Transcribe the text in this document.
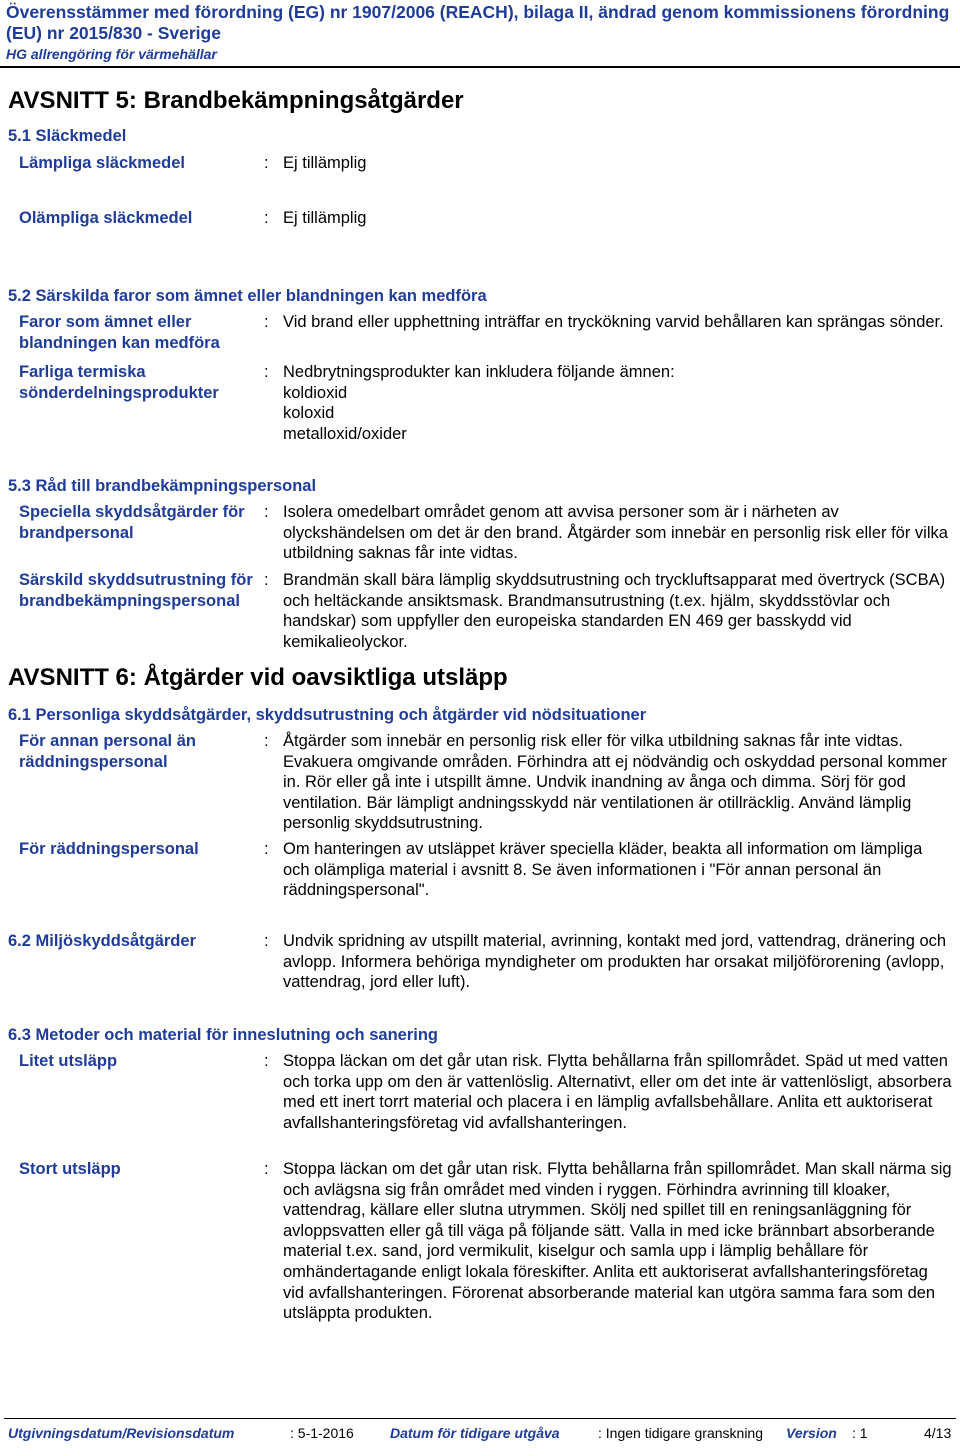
Överensstämmer med förordning (EG) nr 1907/2006 (REACH), bilaga II, ändrad genom kommissionens förordning
(EU) nr 2015/830 - Sverige
HG allrengöring för värmehällar
AVSNITT 5: Brandbekämpningsåtgärder
5.1 Släckmedel
Lämpliga släckmedel	: Ej tillämplig
Olämpliga släckmedel	: Ej tillämplig
5.2 Särskilda faror som ämnet eller blandningen kan medföra
Faror som ämnet eller blandningen kan medföra
: Vid brand eller upphettning inträffar en tryckökning varvid behållaren kan sprängas sönder.
Farliga termiska sönderdelningsprodukter
: Nedbrytningsprodukter kan inkludera följande ämnen:
koldioxid
koloxid
metalloxid/oxider
5.3 Råd till brandbekämpningspersonal
Speciella skyddsåtgärder för brandpersonal
: Isolera omedelbart området genom att avvisa personer som är i närheten av olyckshändelsen om det är den brand. Åtgärder som innebär en personlig risk eller för vilka utbildning saknas får inte vidtas.
Särskild skyddsutrustning för brandbekämpningspersonal
: Brandmän skall bära lämplig skyddsutrustning och tryckluftsapparat med övertryck (SCBA) och heltäckande ansiktsmask. Brandmansutrustning (t.ex. hjälm, skyddsstövlar och handskar) som uppfyller den europeiska standarden EN 469 ger basskydd vid kemikalieolyckor.
AVSNITT 6: Åtgärder vid oavsiktliga utsläpp
6.1 Personliga skyddsåtgärder, skyddsutrustning och åtgärder vid nödsituationer
För annan personal än räddningspersonal
: Åtgärder som innebär en personlig risk eller för vilka utbildning saknas får inte vidtas. Evakuera omgivande områden. Förhindra att ej nödvändig och oskyddad personal kommer in. Rör eller gå inte i utspillt ämne. Undvik inandning av ånga och dimma. Sörj för god ventilation. Bär lämpligt andningsskydd när ventilationen är otillräcklig. Använd lämplig personlig skyddsutrustning.
För räddningspersonal	: Om hanteringen av utsläppet kräver speciella kläder, beakta all information om lämpliga och olämpliga material i avsnitt 8. Se även informationen i "För annan personal än räddningspersonal".
6.2 Miljöskyddsåtgärder	: Undvik spridning av utspillt material, avrinning, kontakt med jord, vattendrag, dränering och avlopp. Informera behöriga myndigheter om produkten har orsakat miljöförorening (avlopp, vattendrag, jord eller luft).
6.3 Metoder och material för inneslutning och sanering
Litet utsläpp	: Stoppa läckan om det går utan risk. Flytta behållarna från spillområdet. Späd ut med vatten och torka upp om den är vattenlöslig. Alternativt, eller om det inte är vattenlösligt, absorbera med ett inert torrt material och placera i en lämplig avfallsbehållare. Anlita ett auktoriserat avfallshanteringsföretag vid avfallshanteringen.
Stort utsläpp	: Stoppa läckan om det går utan risk. Flytta behållarna från spillområdet. Man skall närma sig och avlägsna sig från området med vinden i ryggen. Förhindra avrinning till kloaker, vattendrag, källare eller slutna utrymmen. Skölj ned spillet till en reningsanläggning för avloppsvatten eller gå till väga på följande sätt. Valla in med icke brännbart absorberande material t.ex. sand, jord vermikulit, kiselgur och samla upp i lämplig behållare för omhändertagande enligt lokala föreskifter. Anlita ett auktoriserat avfallshanteringsföretag vid avfallshanteringen. Förorenat absorberande material kan utgöra samma fara som den utsläppta produkten.
Utgivningsdatum/Revisionsdatum	: 5-1-2016	Datum för tidigare utgåva	: Ingen tidigare granskning Version : 1	4/13
